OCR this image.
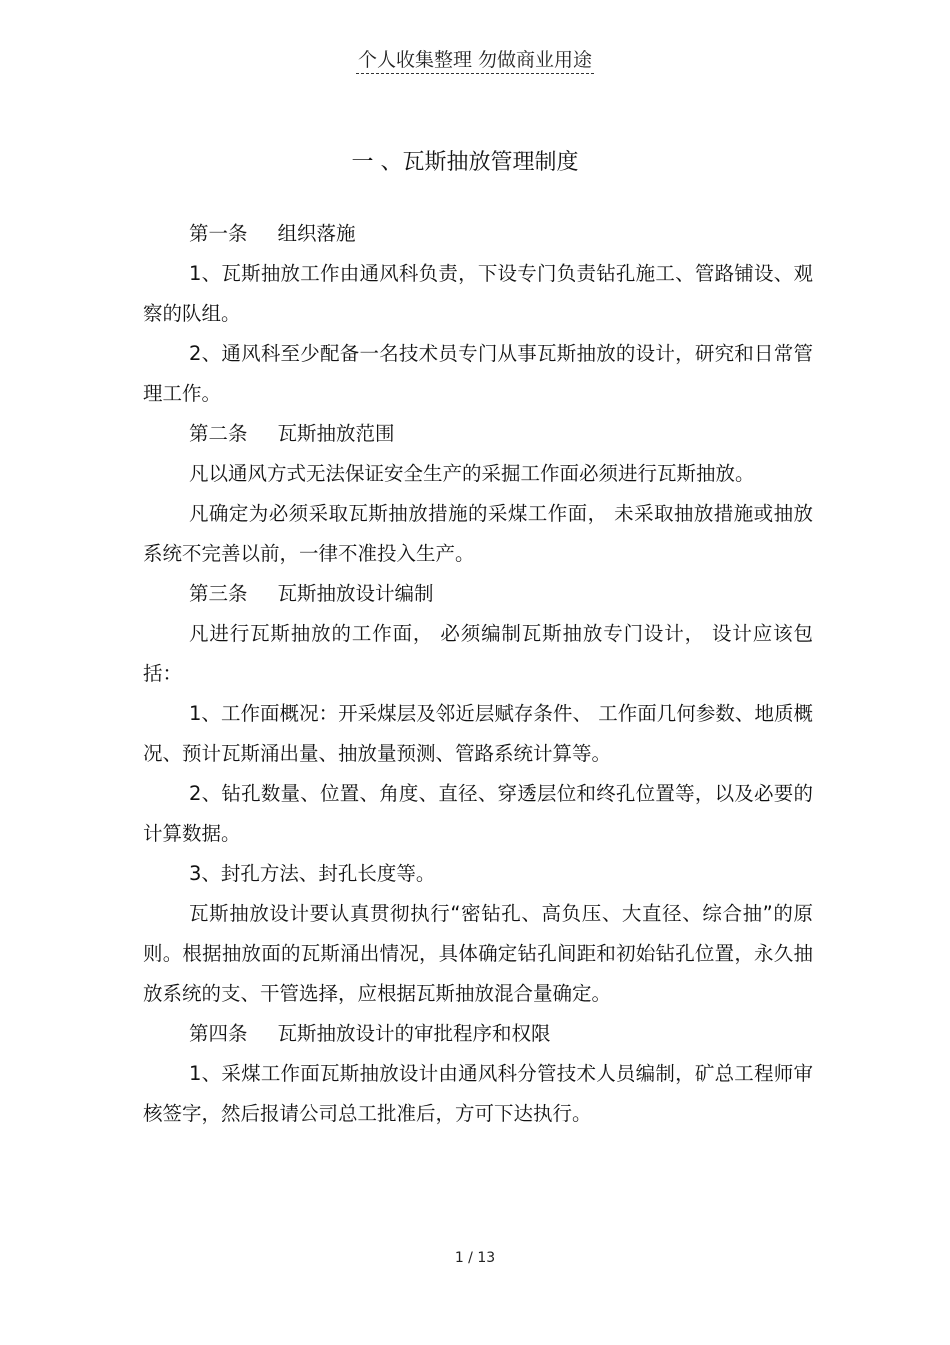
个人收集整理 勿做商业用途
一 、瓦斯抽放管理制度
第一条 组织落施

1、瓦斯抽放工作由通风科负责，下设专门负责钻孔施工、管路铺设、观察的队组。

2、通风科至少配备一名技术员专门从事瓦斯抽放的设计，研究和日常管理工作。

第二条 瓦斯抽放范围

凡以通风方式无法保证安全生产的采掘工作面必须进行瓦斯抽放。

凡确定为必须采取瓦斯抽放措施的采煤工作面， 未采取抽放措施或抽放系统不完善以前，一律不准投入生产。

第三条 瓦斯抽放设计编制

凡进行瓦斯抽放的工作面， 必须编制瓦斯抽放专门设计， 设计应该包括：

1、工作面概况：开采煤层及邻近层赋存条件、 工作面几何参数、地质概况、预计瓦斯涌出量、抽放量预测、管路系统计算等。

2、钻孔数量、位置、角度、直径、穿透层位和终孔位置等，以及必要的计算数据。

3、封孔方法、封孔长度等。

瓦斯抽放设计要认真贯彻执行“密钻孔、高负压、大直径、综合抽”的原则。根据抽放面的瓦斯涌出情况，具体确定钻孔间距和初始钻孔位置，永久抽放系统的支、干管选择，应根据瓦斯抽放混合量确定。

第四条 瓦斯抽放设计的审批程序和权限

1、采煤工作面瓦斯抽放设计由通风科分管技术人员编制，矿总工程师审核签字，然后报请公司总工批准后，方可下达执行。

1 / 13
